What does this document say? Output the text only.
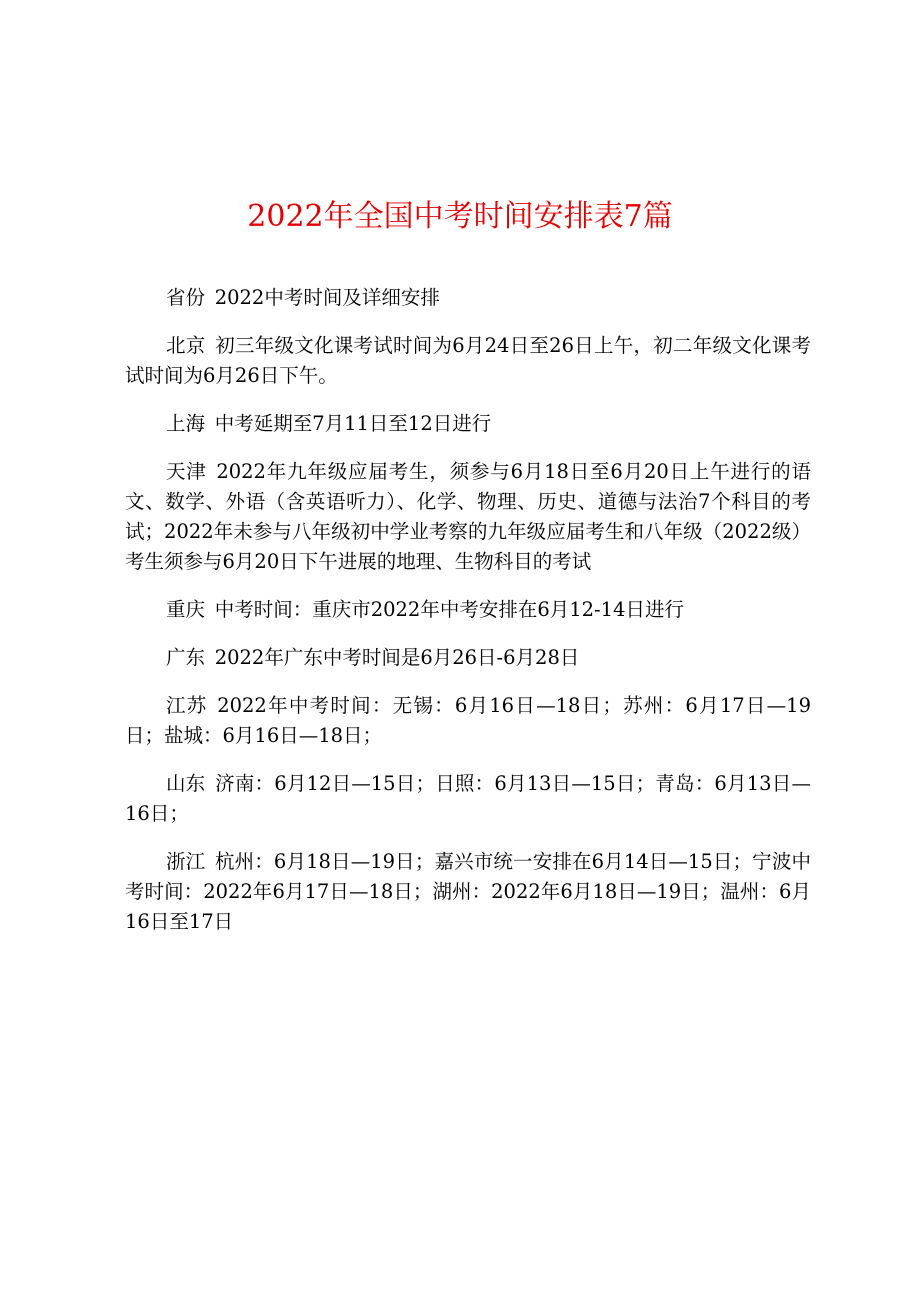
2022年全国中考时间安排表7篇

省份 2022中考时间及详细安排

北京 初三年级文化课考试时间为6月24日至26日上午，初二年级文化课考试时间为6月26日下午。

上海 中考延期至7月11日至12日进行

天津 2022年九年级应届考生，须参与6月18日至6月20日上午进行的语文、数学、外语（含英语听力）、化学、物理、历史、道德与法治7个科目的考试；2022年未参与八年级初中学业考察的九年级应届考生和八年级（2022级）考生须参与6月20日下午进展的地理、生物科目的考试

重庆 中考时间：重庆市2022年中考安排在6月12-14日进行

广东 2022年广东中考时间是6月26日-6月28日

江苏 2022年中考时间：无锡：6月16日—18日；苏州：6月17日—19日；盐城：6月16日—18日；

山东 济南：6月12日—15日；日照：6月13日—15日；青岛：6月13日—16日；

浙江 杭州：6月18日—19日；嘉兴市统一安排在6月14日—15日；宁波中考时间：2022年6月17日—18日；湖州：2022年6月18日—19日；温州：6月16日至17日
